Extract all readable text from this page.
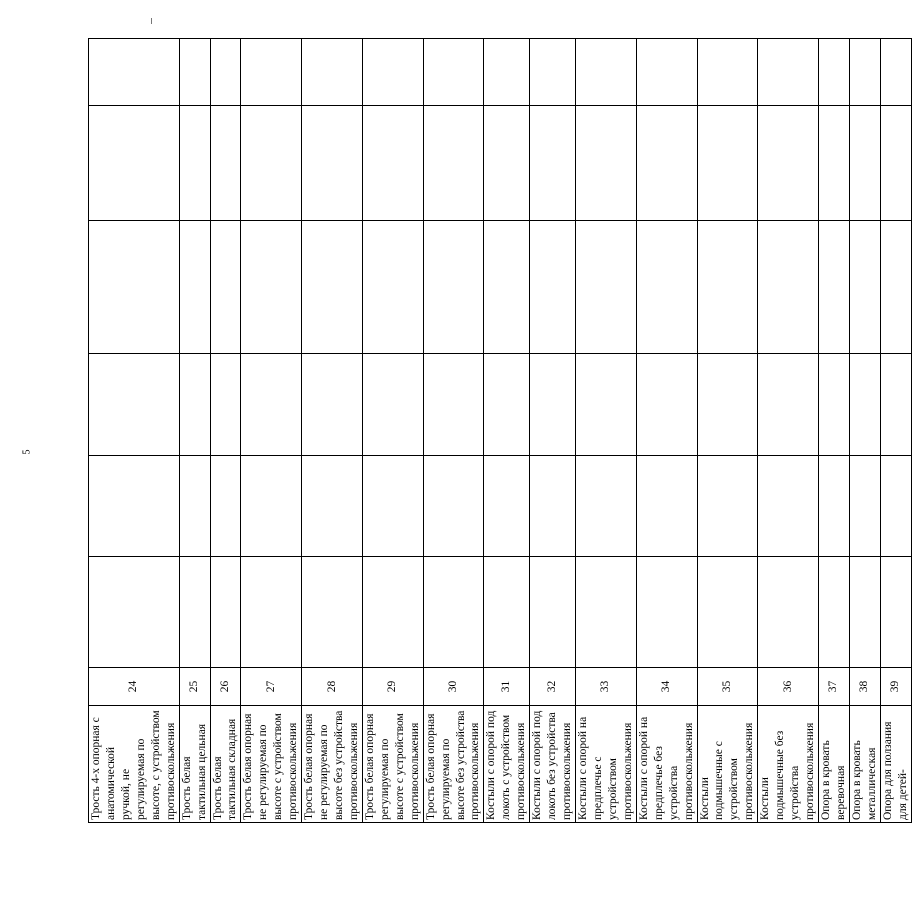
5
Трость 4-х опорная с анатомической ручкой, не регулируемая по высоте, с устройством противоскольжения	24						
Трость белая тактильная цельная	25						
Трость белая тактильная складная	26						
Трость белая опорная не регулируемая по высоте с устройством противоскольжения	27						
Трость белая опорная не регулируемая по высоте без устройства противоскольжения	28						
Трость белая опорная регулируемая по высоте с устройством противоскольжения	29						
Трость белая опорная регулируемая по высоте без устройства противоскольжения	30						
Костыли с опорой под локоть с устройством противоскольжения	31						
Костыли с опорой под локоть без устройства противоскольжения	32						
Костыли с опорой на предплечье с устройством противоскольжения	33						
Костыли с опорой на предплечье без устройства противоскольжения	34						
Костыли подмышечные с устройством противоскольжения	35						
Костыли подмышечные без устройства противоскольжения	36						
Опора в кровать веревочная	37						
Опора в кровать металлическая	38						
Опора для ползания для детей-	39						
